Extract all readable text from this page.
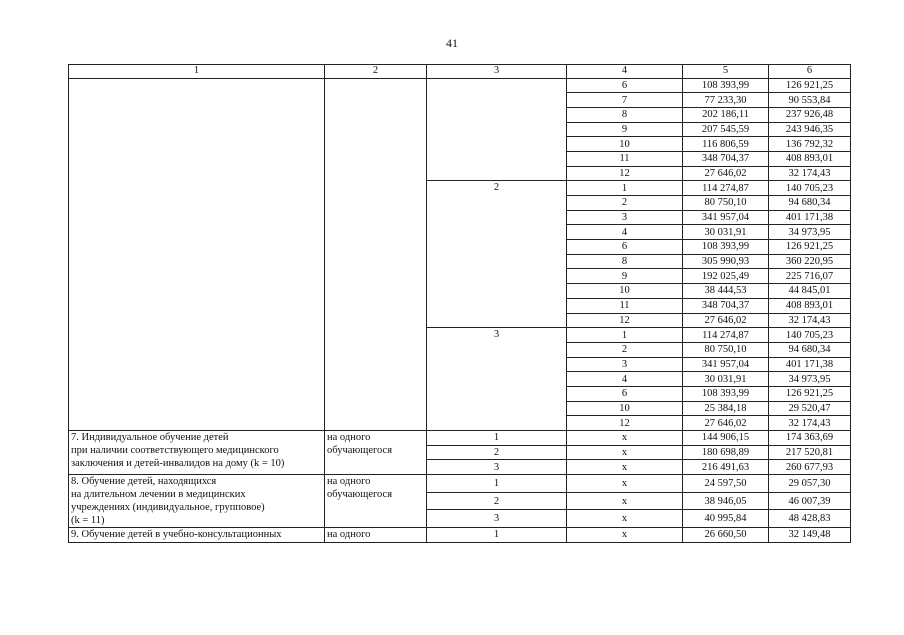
41
1	2	3	4	5	6
			6	108 393,99	126 921,25
			7	77 233,30	90 553,84
			8	202 186,11	237 926,48
			9	207 545,59	243 946,35
			10	116 806,59	136 792,32
			11	348 704,37	408 893,01
			12	27 646,02	32 174,43
		2	1	114 274,87	140 705,23
			2	80 750,10	94 680,34
			3	341 957,04	401 171,38
			4	30 031,91	34 973,95
			6	108 393,99	126 921,25
			8	305 990,93	360 220,95
			9	192 025,49	225 716,07
			10	38 444,53	44 845,01
			11	348 704,37	408 893,01
			12	27 646,02	32 174,43
		3	1	114 274,87	140 705,23
			2	80 750,10	94 680,34
			3	341 957,04	401 171,38
			4	30 031,91	34 973,95
			6	108 393,99	126 921,25
			10	25 384,18	29 520,47
			12	27 646,02	32 174,43

7. Индивидуальное обучение детей
при наличии соответствующего медицинского
заключения и детей-инвалидов на дому (k = 10)	на одного
обучающегося	1	x	144 906,15	174 363,69
		2	x	180 698,89	217 520,81
		3	x	216 491,63	260 677,93

8. Обучение детей, находящихся
на длительном лечении в медицинских
учреждениях (индивидуальное, групповое)
(k = 11)	на одного
обучающегося	1	x	24 597,50	29 057,30
		2	x	38 946,05	46 007,39
		3	x	40 995,84	48 428,83

9. Обучение детей в учебно-консультационных	на одного	1	x	26 660,50	32 149,48
